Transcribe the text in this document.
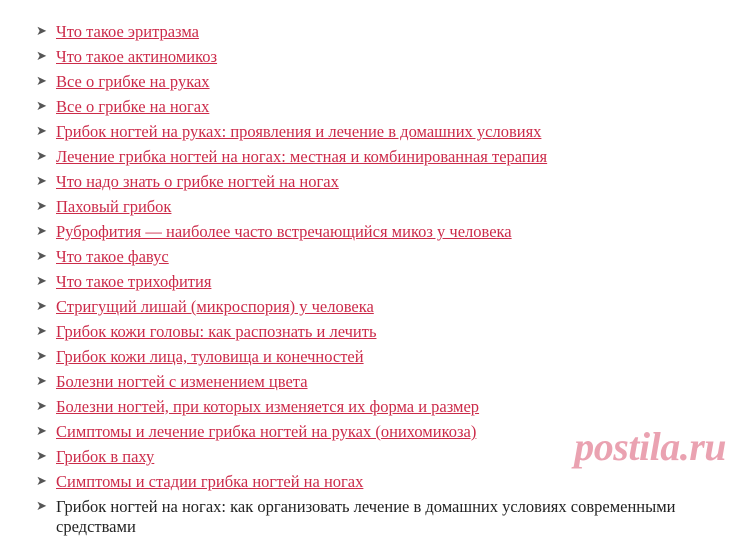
➤ Что такое эритразма
➤ Что такое актиномикоз
➤ Все о грибке на руках
➤ Все о грибке на ногах
➤ Грибок ногтей на руках: проявления и лечение в домашних условиях
➤ Лечение грибка ногтей на ногах: местная и комбинированная терапия
➤ Что надо знать о грибке ногтей на ногах
➤ Паховый грибок
➤ Руброфития — наиболее часто встречающийся микоз у человека
➤ Что такое фавус
➤ Что такое трихофития
➤ Стригущий лишай (микроспория) у человека
➤ Грибок кожи головы: как распознать и лечить
➤ Грибок кожи лица, туловища и конечностей
➤ Болезни ногтей с изменением цвета
➤ Болезни ногтей, при которых изменяется их форма и размер
➤ Симптомы и лечение грибка ногтей на руках (онихомикоза)
➤ Грибок в паху
➤ Симптомы и стадии грибка ногтей на ногах
➤ Грибок ногтей на ногах: как организовать лечение в домашних условиях современными средствами
postila.ru
